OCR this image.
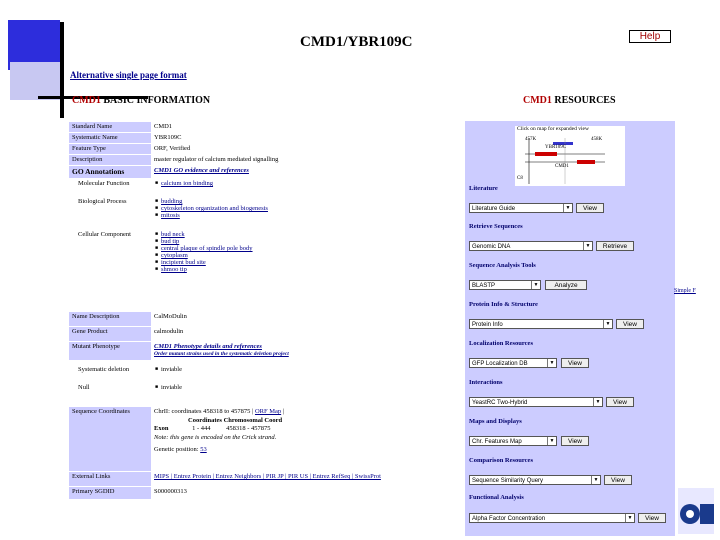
CMD1/YBR109C	Help
Alternative single page format
CMD1 BASIC INFORMATION	CMD1 RESOURCES
Standard Name	CMD1
Systematic Name	YBR109C
Feature Type	ORF, Verified
Description	master regulator of calcium mediated signalling
GO Annotations	CMD1 GO evidence and references
Molecular Function	■ calcium ion binding
Biological Process	■ budding
■ cytoskeleton organization and biogenesis
■ mitosis
Cellular Component	■ bud neck
■ bud tip
■ central plaque of spindle pole body
■ cytoplasm
■ incipient bud site
■ shmoo tip
Name Description	CalMoDulin
Gene Product	calmodulin
Mutant Phenotype	CMD1 Phenotype details and references
Order mutant strains used in the systematic deletion project
Systematic deletion	■ inviable
Null	■ inviable
Sequence Coordinates	ChrII: coordinates 458318 to 457875 | ORF Map |
Coordinates Chromosomal Coord
Exon	1 - 444 458318 - 457875
Note: this gene is encoded on the Crick strand.
Genetic position: 53
External Links	MIPS | Entrez Protein | Entrez Neighbors | PIR JP | PIR US | Entrez RefSeq | SwissProt
Primary SGDID	S000000313
Click on map for expanded view
457K
YBR109C
CMD1
458K
C8
Literature
Literature Guide	▼	View
Retrieve Sequences
Genomic DNA	▼	Retrieve
Sequence Analysis Tools
BLASTP	▼	Analyze
Protein Info & Structure
Protein Info	▼	View
Localization Resources
GFP Localization DB	▼	View
Interactions
YeastRC Two-Hybrid	▼	View
Maps and Displays
Chr. Features Map	▼	View
Comparison Resources
Sequence Similarity Query	▼	View
Functional Analysis
Alpha Factor Concentration	▼	View
Simple F
